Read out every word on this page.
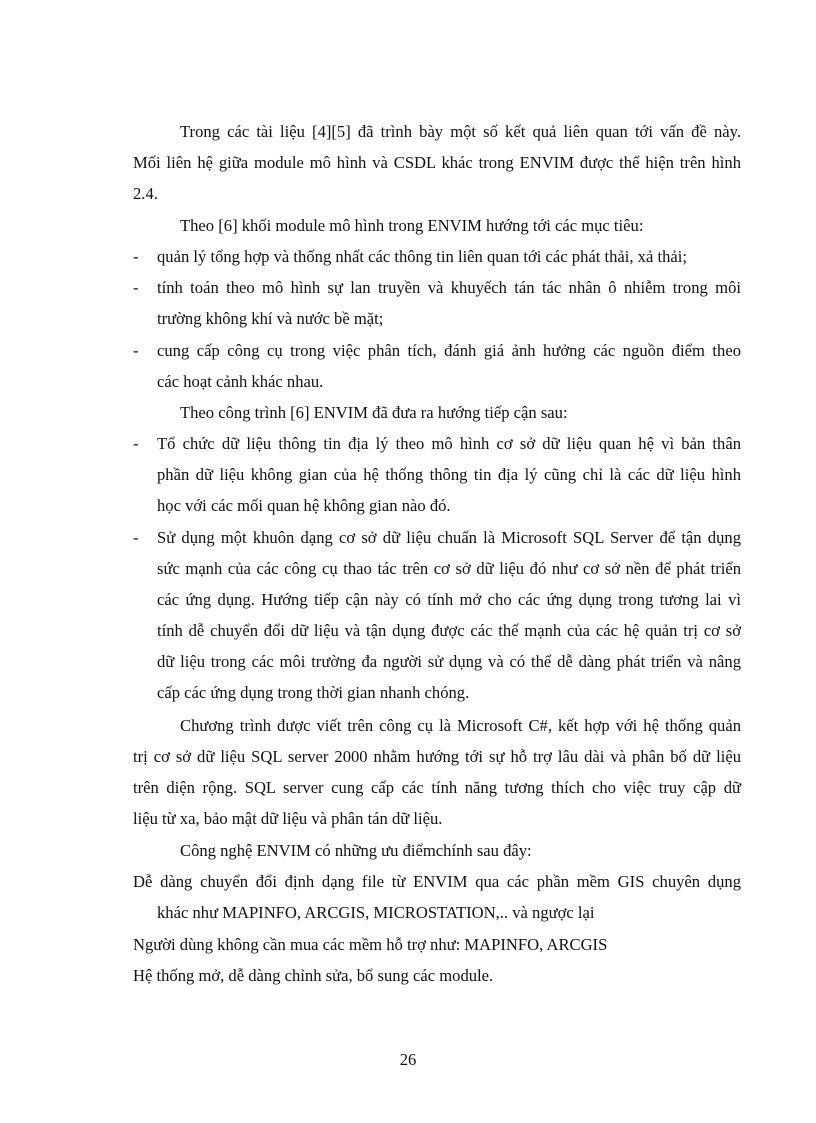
Trong các tài liệu [4][5] đã trình bày một số kết quả liên quan tới vấn đề này.
Mối liên hệ giữa module mô hình và CSDL khác trong ENVIM được thể hiện trên hình
2.4.
Theo [6] khối module mô hình trong ENVIM hướng tới các mục tiêu:
- quản lý tổng hợp và thống nhất các thông tin liên quan tới các phát thải, xả thải;
- tính toán theo mô hình sự lan truyền và khuyếch tán tác nhân ô nhiễm trong môi
trường không khí và nước bề mặt;
- cung cấp công cụ trong việc phân tích, đánh giá ảnh hưởng các nguồn điểm theo
các hoạt cảnh khác nhau.
Theo công trình [6] ENVIM đã đưa ra hướng tiếp cận sau:
- Tổ chức dữ liệu thông tin địa lý theo mô hình cơ sở dữ liệu quan hệ vì bản thân
phần dữ liệu không gian của hệ thống thông tin địa lý cũng chỉ là các dữ liệu hình
học với các mối quan hệ không gian nào đó.
- Sử dụng một khuôn dạng cơ sở dữ liệu chuẩn là Microsoft SQL Server để tận dụng
sức mạnh của các công cụ thao tác trên cơ sở dữ liệu đó như cơ sở nền để phát triển
các ứng dụng. Hướng tiếp cận này có tính mở cho các ứng dụng trong tương lai vì
tính dễ chuyển đổi dữ liệu và tận dụng được các thế mạnh của các hệ quản trị cơ sở
dữ liệu trong các môi trường đa người sử dụng và có thể dễ dàng phát triển và nâng
cấp các ứng dụng trong thời gian nhanh chóng.
Chương trình được viết trên công cụ là Microsoft C#, kết hợp với hệ thống quản
trị cơ sở dữ liệu SQL server 2000 nhằm hướng tới sự hỗ trợ lâu dài và phân bố dữ liệu
trên diện rộng. SQL server cung cấp các tính năng tương thích cho việc truy cập dữ
liệu từ xa, bảo mật dữ liệu và phân tán dữ liệu.
Công nghệ ENVIM có những ưu điểmchính sau đây:
Dễ dàng chuyển đổi định dạng file từ ENVIM qua các phần mềm GIS chuyên dụng
khác như MAPINFO, ARCGIS, MICROSTATION,.. và ngược lại
Người dùng không cần mua các mềm hỗ trợ như: MAPINFO, ARCGIS
Hệ thống mở, dễ dàng chỉnh sửa, bổ sung các module.
26
